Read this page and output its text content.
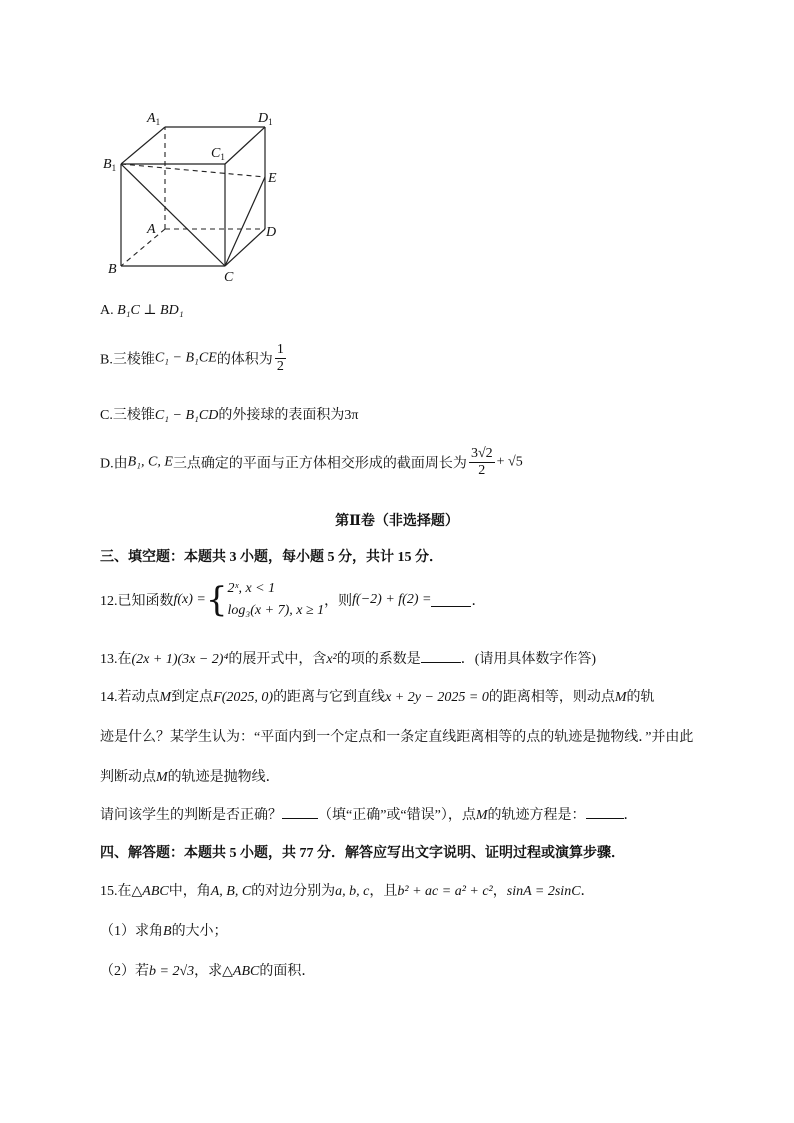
$A_1$	$D_1$
$C_1$
$B_1$
E
A	D
B
C
A. B₁C ⊥ BD₁
B.三棱锥C₁ − B₁CE的体积为 $\frac{1}{2}$
C.三棱锥C₁ − B₁CD的外接球的表面积为3π
D.由B₁, C, E三点确定的平面与正方体相交形成的截面周长为 $\frac{3√2}{2} + √5$
第Ⅱ卷（非选择题）
三、填空题：本题共 3 小题，每小题 5 分，共计 15 分．
12.已知函数f(x) ={ 2ˣ, x < 1
log₃(x + 7), x ≥ 1
，则f(−2) + f(2) =	．
13.在(2x + 1)(3x − 2)⁴的展开式中，含x²的项的系数是	．(请用具体数字作答)
14.若动点M到定点F(2025, 0)的距离与它到直线x + 2y − 2025 = 0的距离相等，则动点M的轨
迹是什么？某学生认为：“平面内到一个定点和一条定直线距离相等的点的轨迹是抛物线．”并由此
判断动点M的轨迹是抛物线．
请问该学生的判断是否正确？	（填“正确”或“错误”），点M的轨迹方程是：	．
四、解答题：本题共 5 小题，共 77 分．解答应写出文字说明、证明过程或演算步骤．
15.在△ABC中，角A, B, C的对边分别为a, b, c，且b² + ac = a² + c²，sinA = 2sinC．
（1）求角B的大小；
（2）若b = 2√3，求△ABC的面积．
